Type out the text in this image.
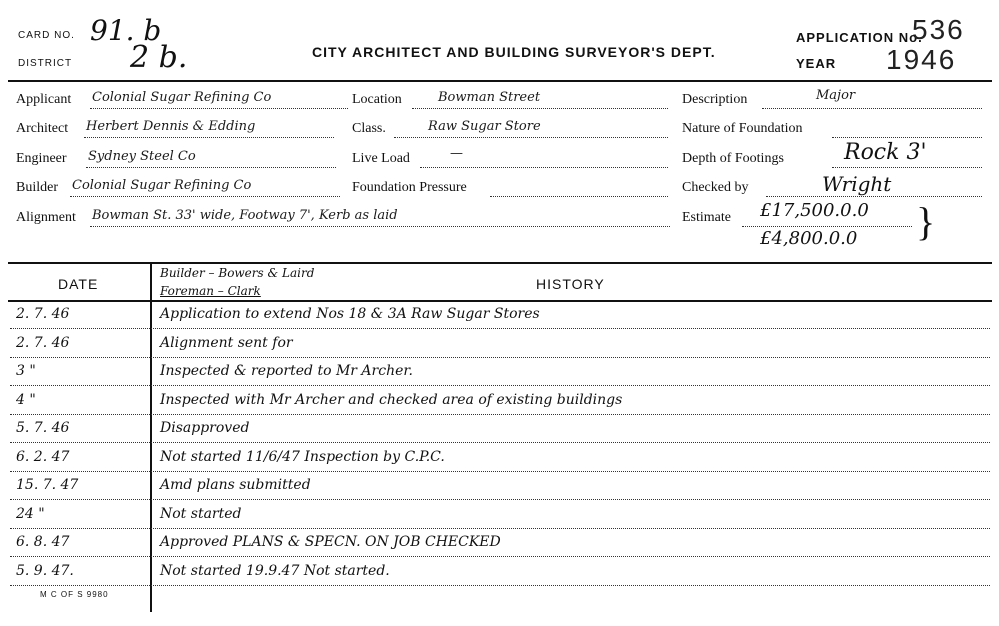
CARD NO. 91. b
DISTRICT 2 b.	CITY ARCHITECT AND BUILDING SURVEYOR'S DEPT.
APPLICATION No.
536
YEAR 1946
Applicant Colonial Sugar Refining Co
Architect Herbert Dennis & Edding
Engineer Sydney Steel Co
Builder Colonial Sugar Refining Co
Alignment Bowman St. 33' wide, Footway 7', Kerb as laid
Location	Bowman Street
Class.	Raw Sugar Store
Live Load	—
Foundation Pressure
Description	Major
Nature of Foundation
Depth of Footings	Rock 3'
Checked by	Wright
Estimate £17,500.0.0
£4,800.0.0 }
DATE	HISTORY
Builder – Bowers & Laird
Foreman – Clark
2. 7. 46	Application to extend Nos 18 & 3A Raw Sugar Stores
2. 7. 46	Alignment sent for
3 "	Inspected & reported to Mr Archer.
4 "	Inspected with Mr Archer and checked area of existing buildings
5. 7. 46	Disapproved
6. 2. 47	Not started 11/6/47 Inspection by C.P.C.
15. 7. 47	Amd plans submitted
24 "	Not started
6. 8. 47	Approved PLANS & SPECN. ON JOB CHECKED
5. 9. 47.	Not started 19.9.47 Not started.
M C OF S 9980
